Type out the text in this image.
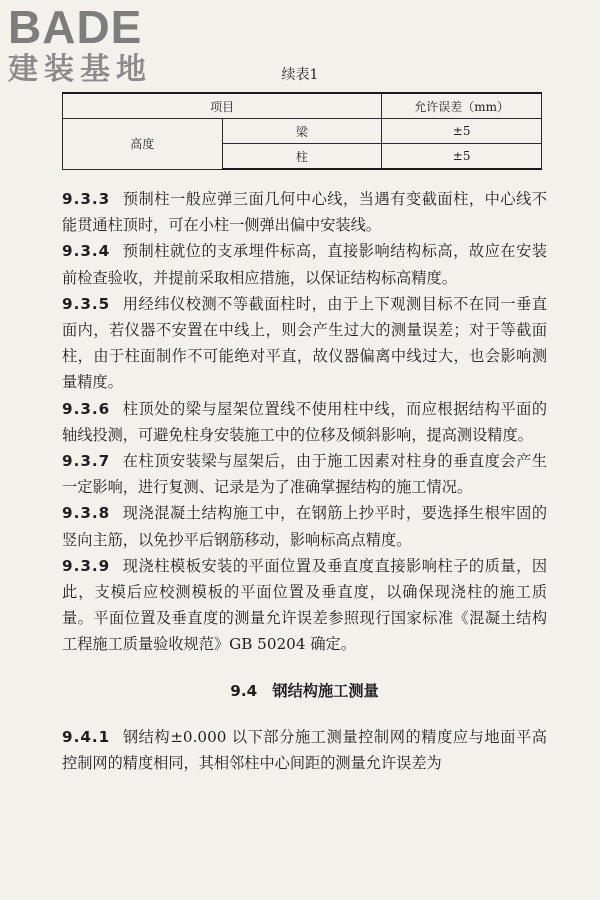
BADE
建装基地	续表1
项目		允许误差（mm）
高度	梁	±5
	柱	±5

9.3.3 预制柱一般应弹三面几何中心线，当遇有变截面柱，中心线不能贯通柱顶时，可在小柱一侧弹出偏中安装线。

9.3.4 预制柱就位的支承埋件标高，直接影响结构标高，故应在安装前检查验收，并提前采取相应措施，以保证结构标高精度。

9.3.5 用经纬仪校测不等截面柱时，由于上下观测目标不在同一垂直面内，若仪器不安置在中线上，则会产生过大的测量误差；对于等截面柱，由于柱面制作不可能绝对平直，故仪器偏离中线过大，也会影响测量精度。

9.3.6 柱顶处的梁与屋架位置线不使用柱中线，而应根据结构平面的轴线投测，可避免柱身安装施工中的位移及倾斜影响，提高测设精度。

9.3.7 在柱顶安装梁与屋架后，由于施工因素对柱身的垂直度会产生一定影响，进行复测、记录是为了准确掌握结构的施工情况。

9.3.8 现浇混凝土结构施工中，在钢筋上抄平时，要选择生根牢固的竖向主筋，以免抄平后钢筋移动，影响标高点精度。

9.3.9 现浇柱模板安装的平面位置及垂直度直接影响柱子的质量，因此，支模后应校测模板的平面位置及垂直度，以确保现浇柱的施工质量。平面位置及垂直度的测量允许误差参照现行国家标准《混凝土结构工程施工质量验收规范》GB 50204 确定。

9.4　钢结构施工测量

9.4.1 钢结构±0.000 以下部分施工测量控制网的精度应与地面平高控制网的精度相同，其相邻柱中心间距的测量允许误差为
